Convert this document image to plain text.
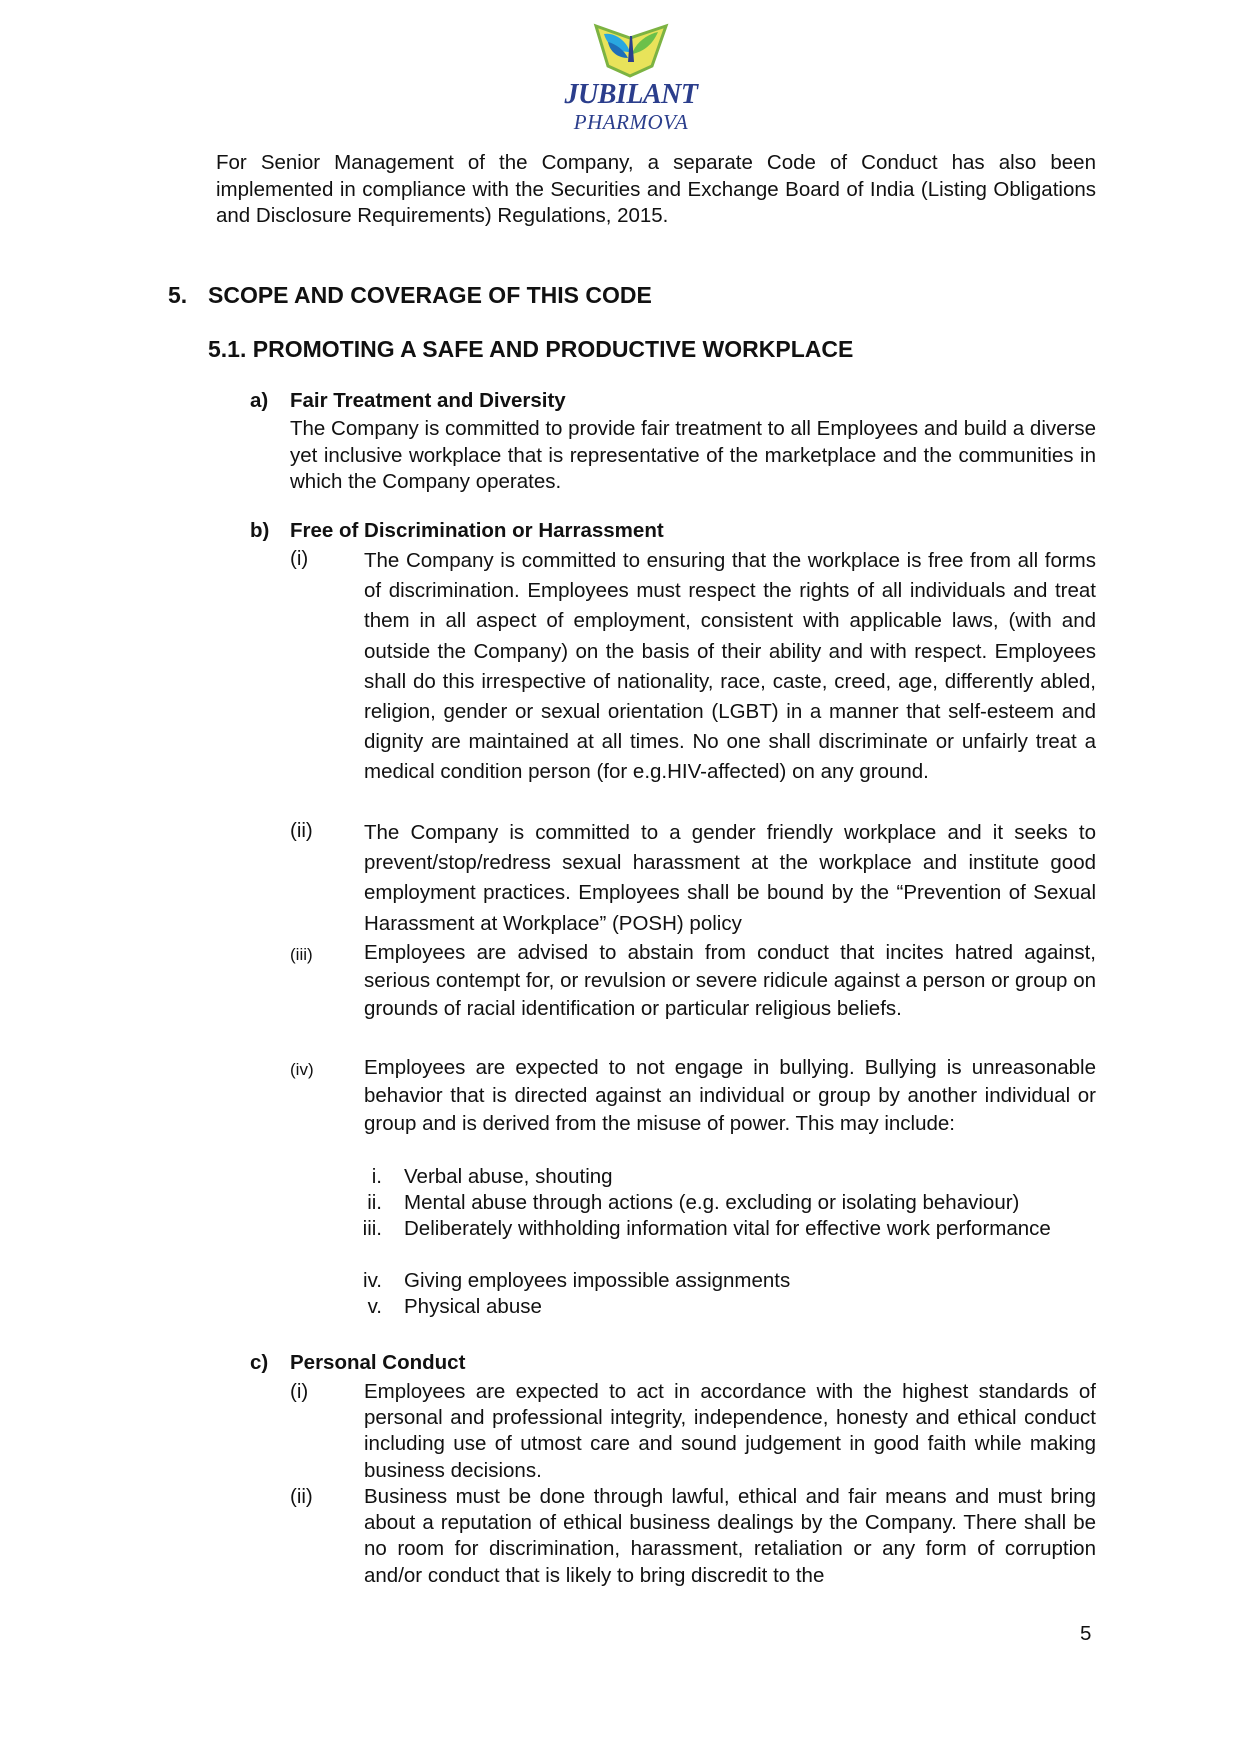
JUBILANT
PHARMOVA
For Senior Management of the Company, a separate Code of Conduct has also been implemented in compliance with the Securities and Exchange Board of India (Listing Obligations and Disclosure Requirements) Regulations, 2015.
5. SCOPE AND COVERAGE OF THIS CODE
5.1. PROMOTING A SAFE AND PRODUCTIVE WORKPLACE
a) Fair Treatment and Diversity
The Company is committed to provide fair treatment to all Employees and build a diverse yet inclusive workplace that is representative of the marketplace and the communities in which the Company operates.
b) Free of Discrimination or Harrassment
(i)	The Company is committed to ensuring that the workplace is free from all forms of discrimination. Employees must respect the rights of all individuals and treat them in all aspect of employment, consistent with applicable laws, (with and outside the Company) on the basis of their ability and with respect. Employees shall do this irrespective of nationality, race, caste, creed, age, differently abled, religion, gender or sexual orientation (LGBT) in a manner that self-esteem and dignity are maintained at all times. No one shall discriminate or unfairly treat a medical condition person (for e.g.HIV-affected) on any ground.
(ii) The Company is committed to a gender friendly workplace and it seeks to prevent/stop/redress sexual harassment at the workplace and institute good employment practices. Employees shall be bound by the “Prevention of Sexual Harassment at Workplace” (POSH) policy
(iii)	Employees are advised to abstain from conduct that incites hatred against, serious contempt for, or revulsion or severe ridicule against a person or group on grounds of racial identification or particular religious beliefs.
(iv) Employees are expected to not engage in bullying. Bullying is unreasonable behavior that is directed against an individual or group by another individual or group and is derived from the misuse of power. This may include:
i. Verbal abuse, shouting
ii. Mental abuse through actions (e.g. excluding or isolating behaviour)
iii. Deliberately withholding information vital for effective work performance
iv. Giving employees impossible assignments
v. Physical abuse
c) Personal Conduct
(i)	Employees are expected to act in accordance with the highest standards of personal and professional integrity, independence, honesty and ethical conduct including use of utmost care and sound judgement in good faith while making business decisions.
(ii) Business must be done through lawful, ethical and fair means and must bring about a reputation of ethical business dealings by the Company. There shall be no room for discrimination, harassment, retaliation or any form of corruption and/or conduct that is likely to bring discredit to the
5
